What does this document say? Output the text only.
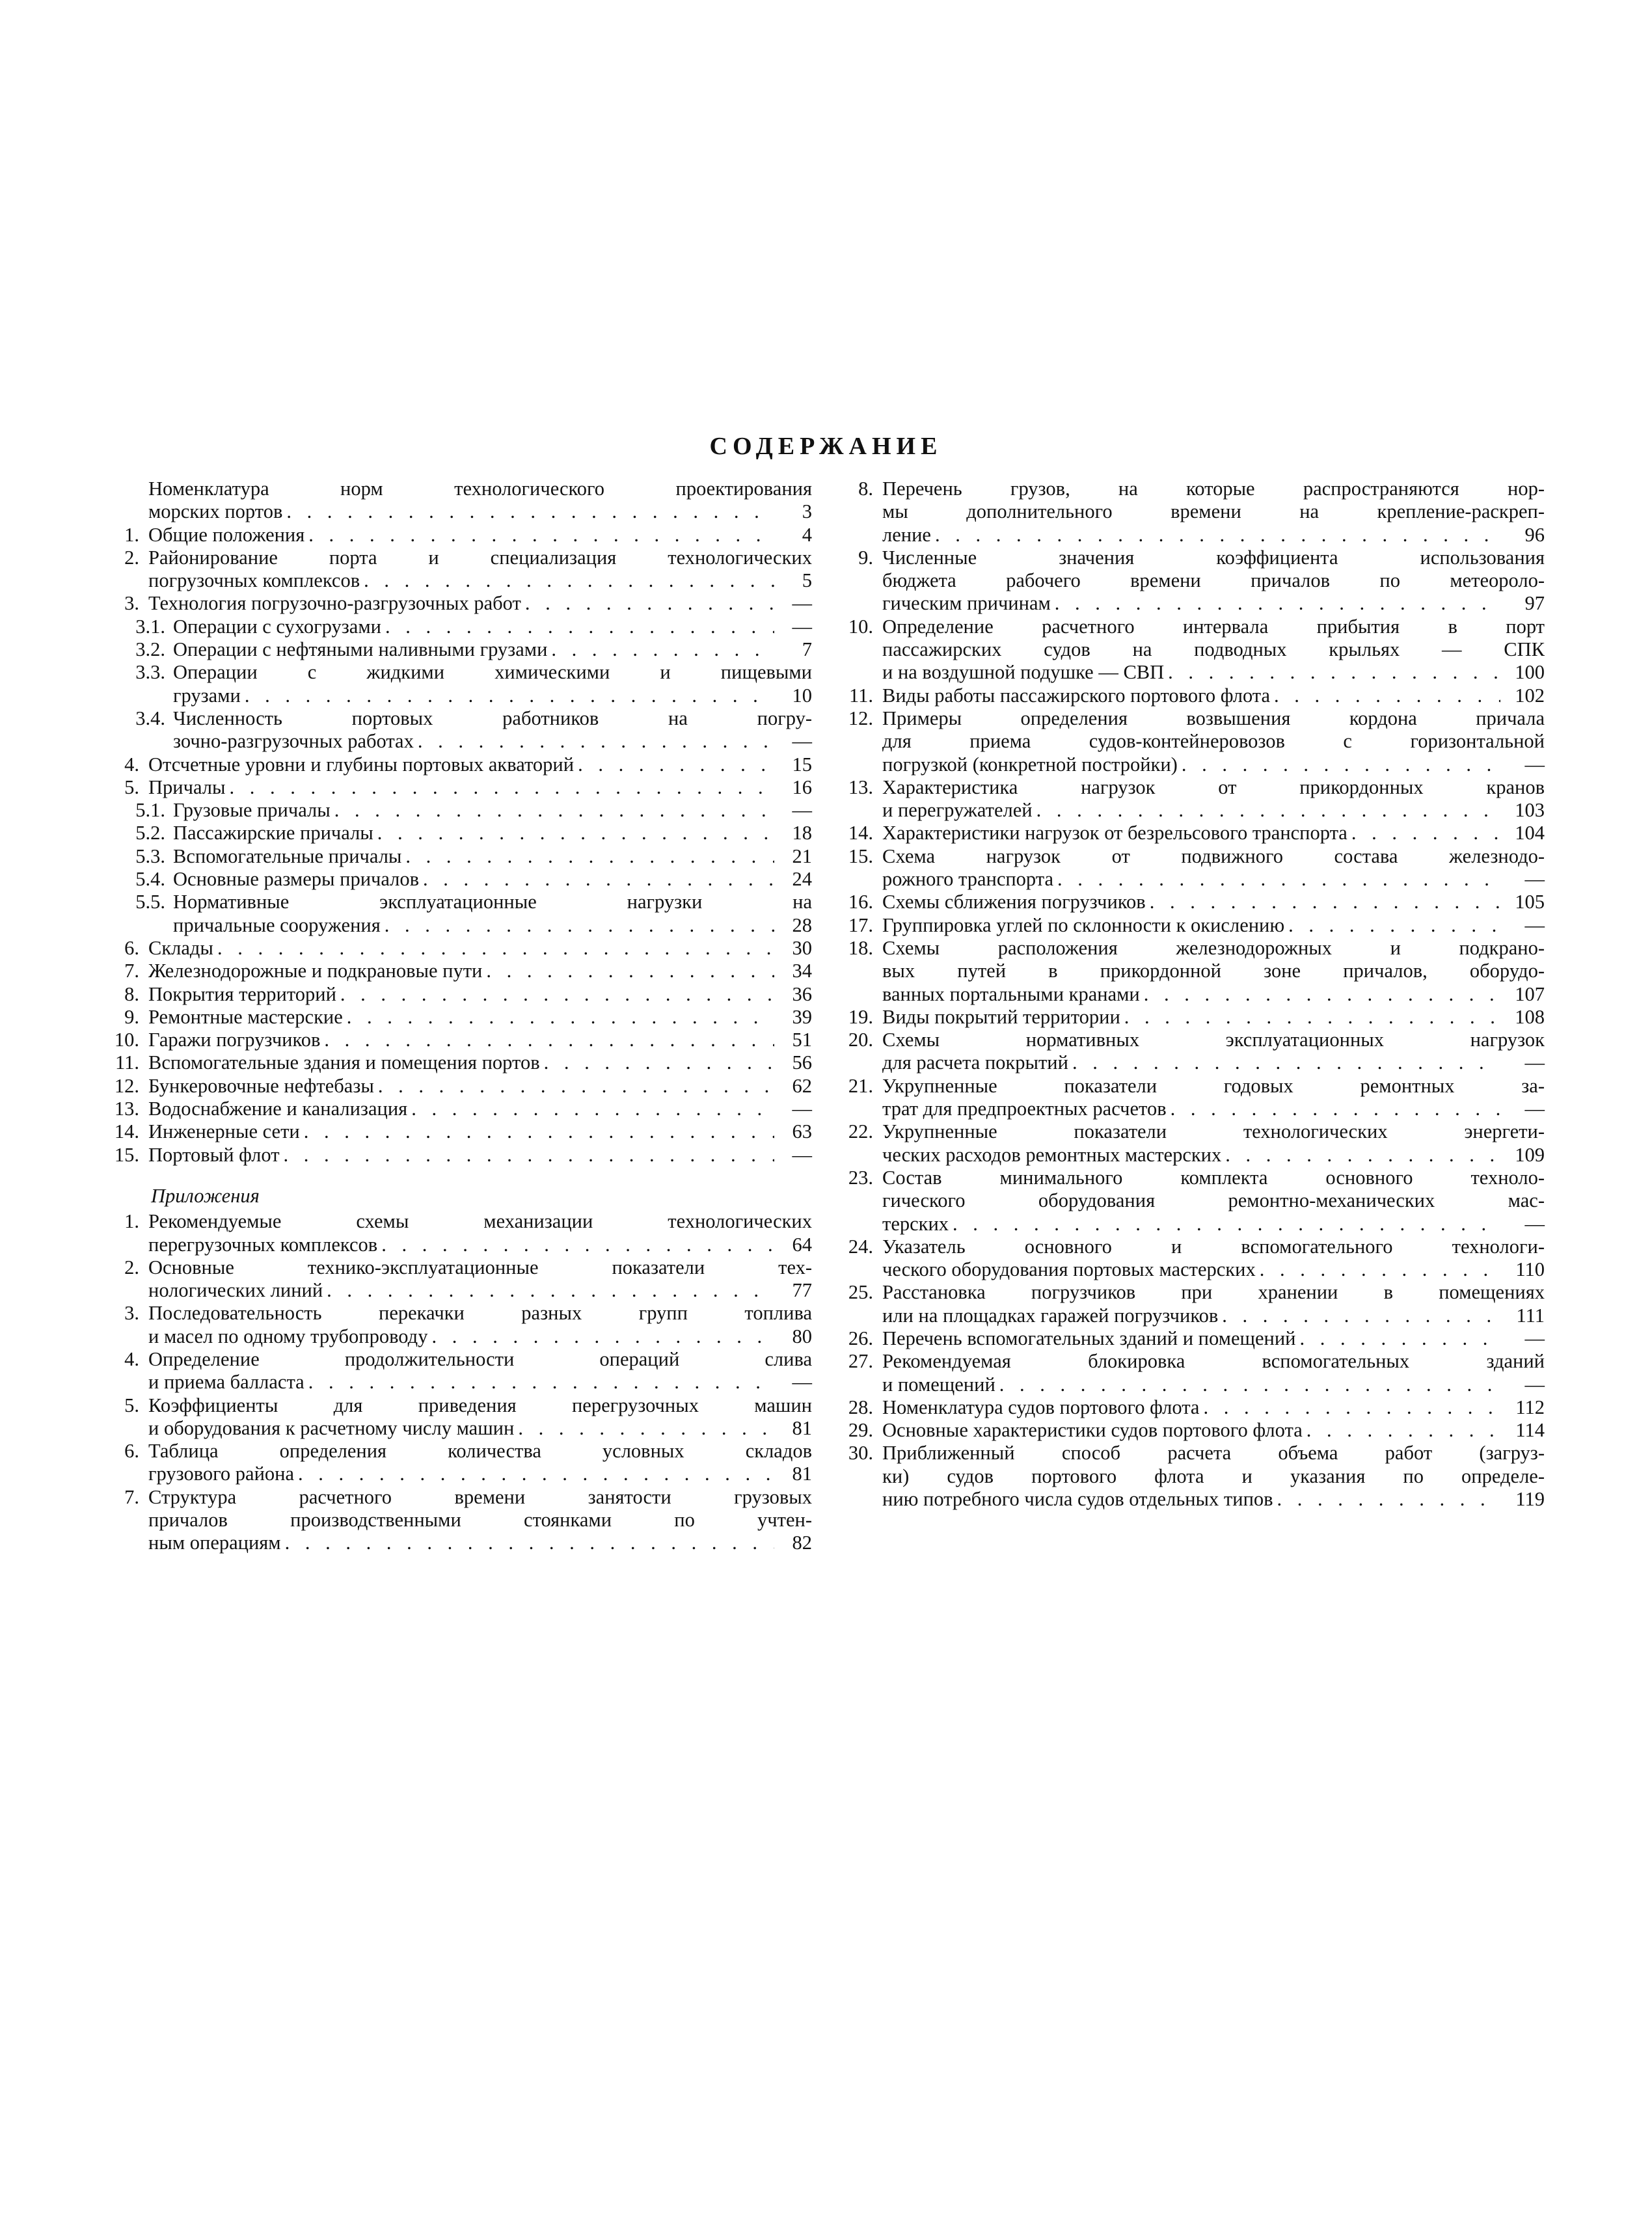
СОДЕРЖАНИЕ
Номенклатура норм технологического проектирования
морских портов . . .	3
1. Общие положения . . .	4
2. Районирование порта и специализация технологических
погрузочных комплексов . . .	5
3. Технология погрузочно-разгрузочных работ . . .	—
3.1. Операции с сухогрузами . . .	—
3.2. Операции с нефтяными наливными грузами . . .	7
3.3. Операции с жидкими химическими и пищевыми
грузами . . .	10
3.4. Численность портовых работников на погру-
зочно-разгрузочных работах . . .	—
4. Отсчетные уровни и глубины портовых акваторий . . .	15
5. Причалы . . .	16
5.1. Грузовые причалы . . .	—
5.2. Пассажирские причалы . . .	18
5.3. Вспомогательные причалы . . .	21
5.4. Основные размеры причалов . . .	24
5.5. Нормативные эксплуатационные нагрузки на
причальные сооружения . . .	28
6. Склады . . .	30
7. Железнодорожные и подкрановые пути . . .	34
8. Покрытия территорий . . .	36
9. Ремонтные мастерские . . .	39
10. Гаражи погрузчиков . . .	51
11. Вспомогательные здания и помещения портов . . .	56
12. Бункеровочные нефтебазы . . .	62
13. Водоснабжение и канализация . . .	—
14. Инженерные сети . . .	63
15. Портовый флот . . .	—
Приложения
1. Рекомендуемые схемы механизации технологических
перегрузочных комплексов . . .	64
2. Основные технико-эксплуатационные показатели тех-
нологических линий . . .	77
3. Последовательность перекачки разных групп топлива
и масел по одному трубопроводу . . .	80
4. Определение продолжительности операций слива
и приема балласта . . .	—
5. Коэффициенты для приведения перегрузочных машин
и оборудования к расчетному числу машин . . .	81
6. Таблица определения количества условных складов
грузового района . . .	81
7. Структура расчетного времени занятости грузовых
причалов производственными стоянками по учтен-
ным операциям . . .	82
8. Перечень грузов, на которые распространяются нор-
мы дополнительного времени на крепление-раскреп-
ление . . .	96
9. Численные значения коэффициента использования
бюджета рабочего времени причалов по метеороло-
гическим причинам . . .	97
10. Определение расчетного интервала прибытия в порт
пассажирских судов на подводных крыльях — СПК
и на воздушной подушке — СВП . . .	100
11. Виды работы пассажирского портового флота . . .	102
12. Примеры определения возвышения кордона причала
для приема судов-контейнеровозов с горизонтальной
погрузкой (конкретной постройки) . . .	—
13. Характеристика нагрузок от прикордонных кранов
и перегружателей . . .	103
14. Характеристики нагрузок от безрельсового транспорта . . .	104
15. Схема нагрузок от подвижного состава железнодо-
рожного транспорта . . .	—
16. Схемы сближения погрузчиков . . .	105
17. Группировка углей по склонности к окислению . . .	—
18. Схемы расположения железнодорожных и подкрано-
вых путей в прикордонной зоне причалов, оборудо-
ванных портальными кранами . . .	107
19. Виды покрытий территории . . .	108
20. Схемы нормативных эксплуатационных нагрузок
для расчета покрытий . . .	—
21. Укрупненные показатели годовых ремонтных за-
трат для предпроектных расчетов . . .	—
22. Укрупненные показатели технологических энергети-
ческих расходов ремонтных мастерских . . .	109
23. Состав минимального комплекта основного техноло-
гического оборудования ремонтно-механических мас-
терских . . .	—
24. Указатель основного и вспомогательного технологи-
ческого оборудования портовых мастерских . . .	110
25. Расстановка погрузчиков при хранении в помещениях
или на площадках гаражей погрузчиков . . .	111
26. Перечень вспомогательных зданий и помещений . . .	—
27. Рекомендуемая блокировка вспомогательных зданий
и помещений . . .	—
28. Номенклатура судов портового флота . . .	112
29. Основные характеристики судов портового флота . . .	114
30. Приближенный способ расчета объема работ (загруз-
ки) судов портового флота и указания по определе-
нию потребного числа судов отдельных типов . . .	119
